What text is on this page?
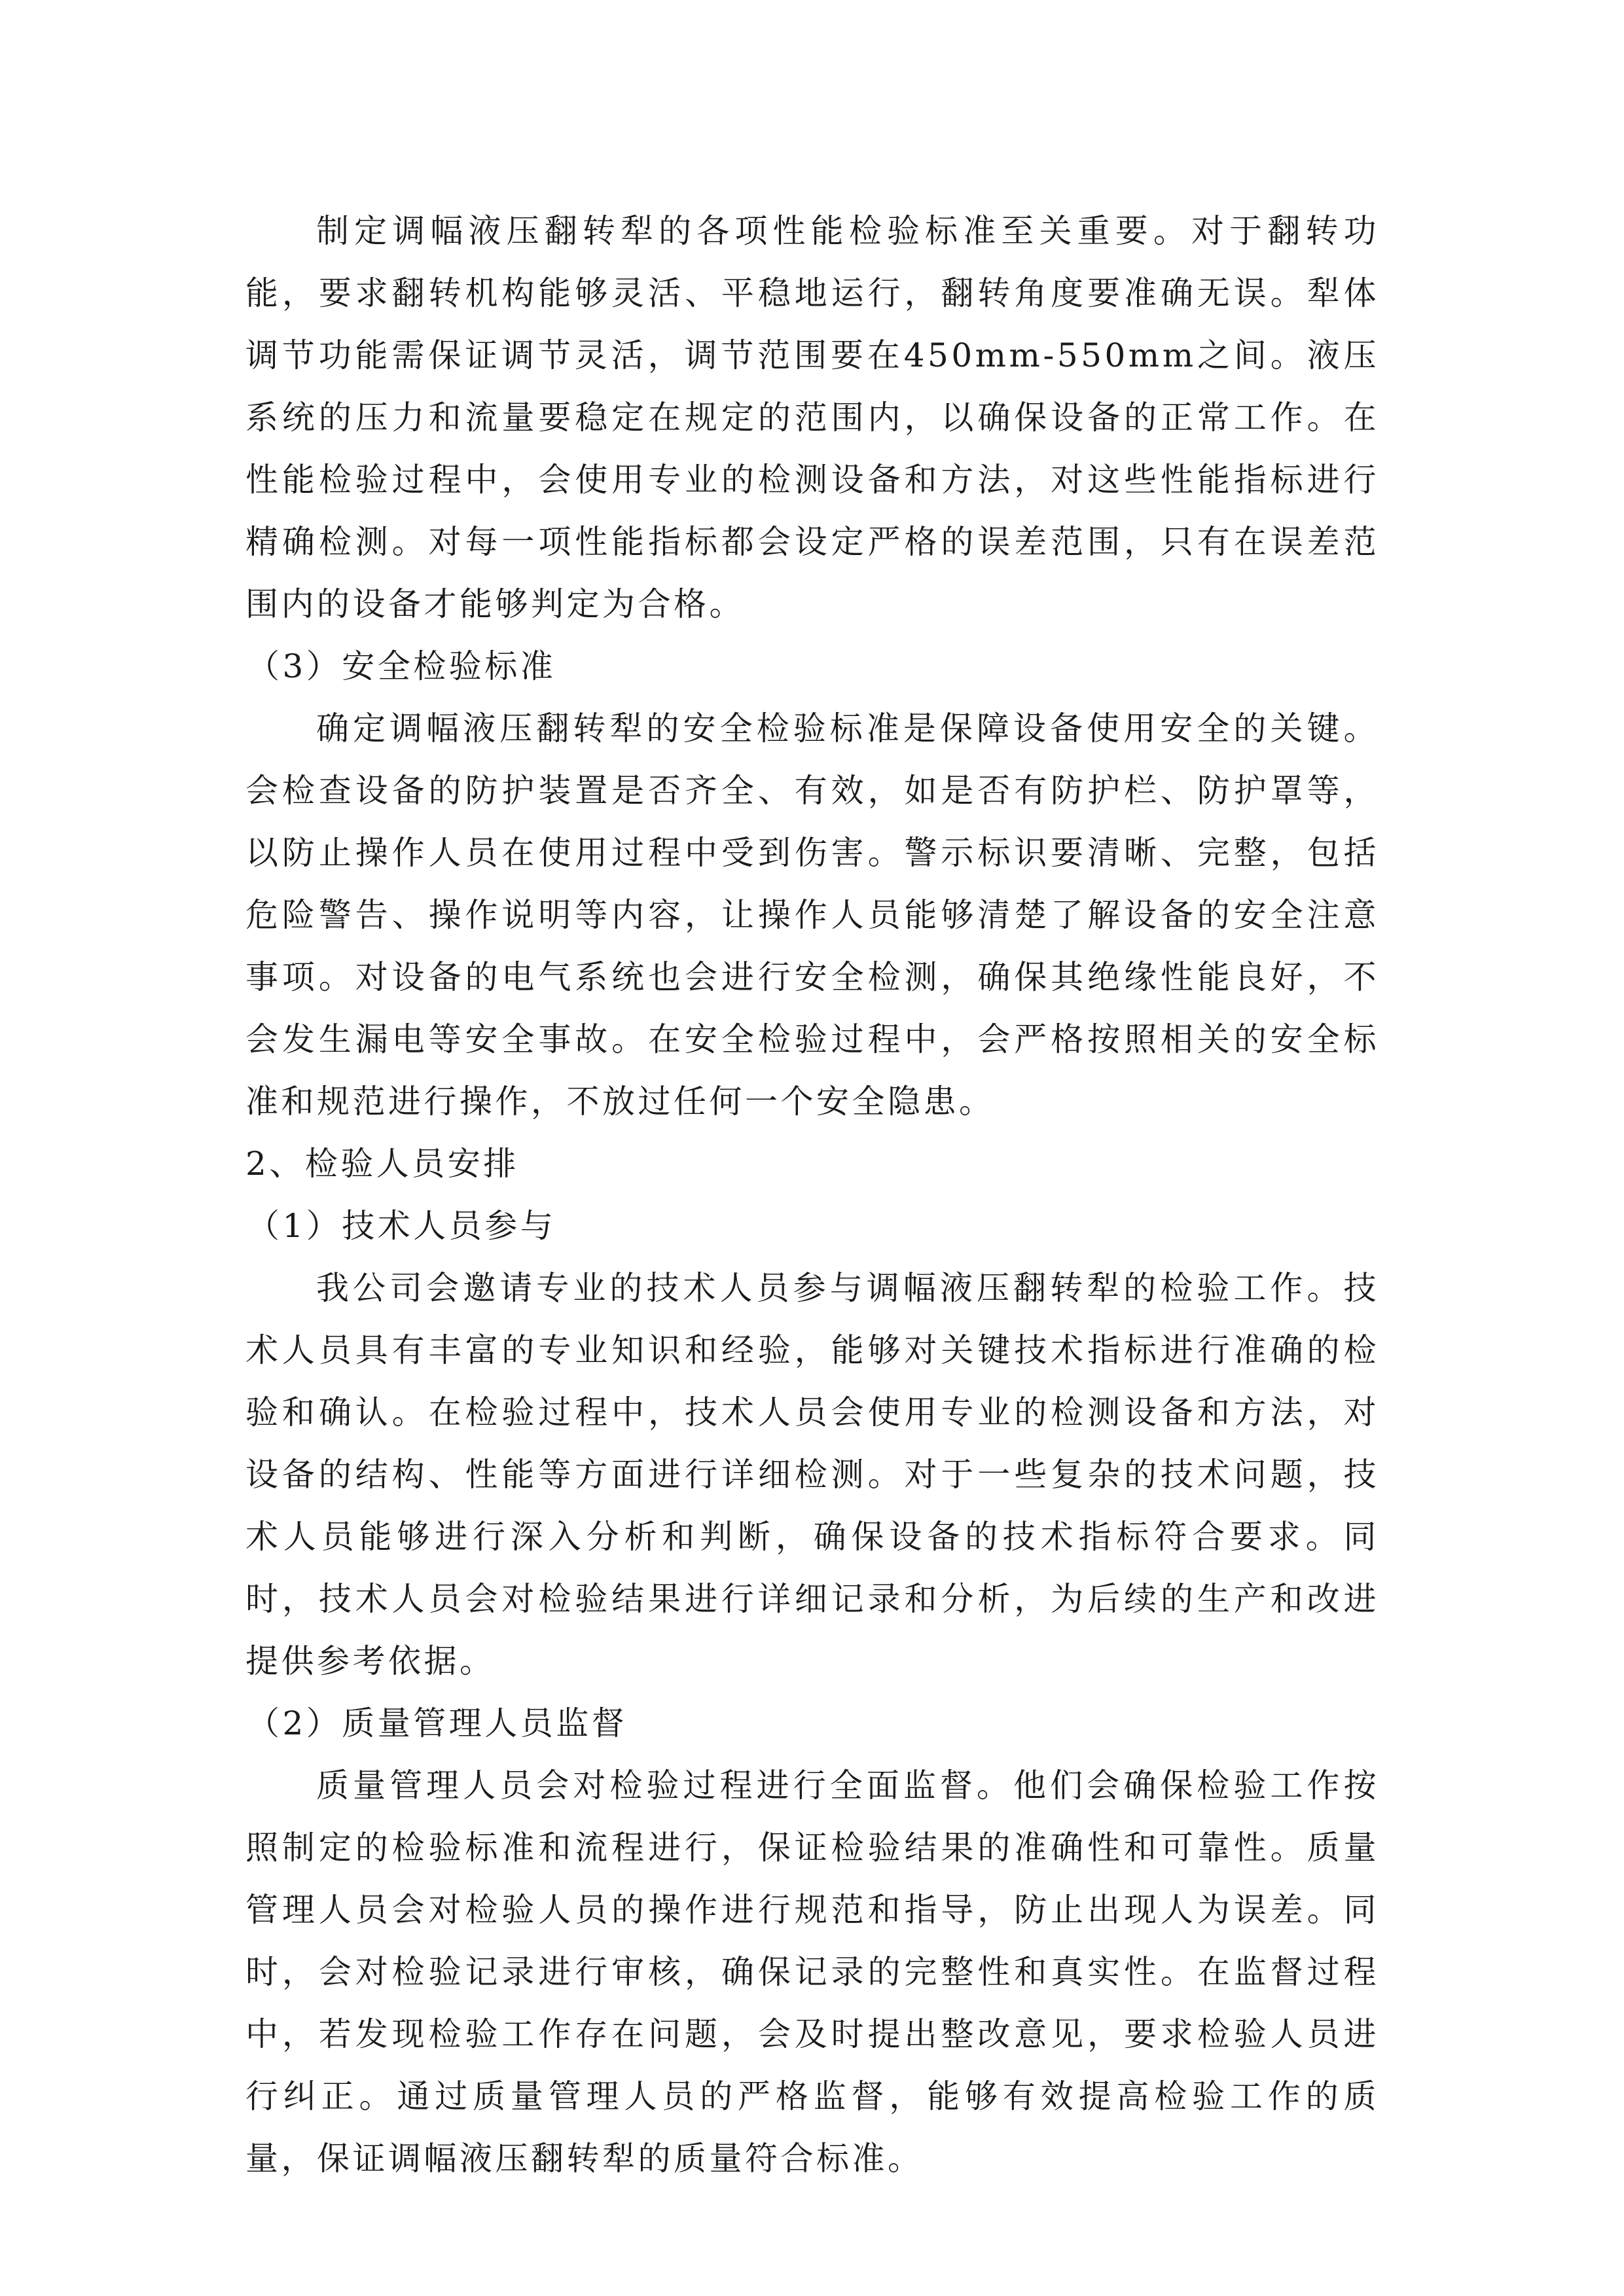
制定调幅液压翻转犁的各项性能检验标准至关重要。对于翻转功能，要求翻转机构能够灵活、平稳地运行，翻转角度要准确无误。犁体调节功能需保证调节灵活，调节范围要在450mm-550mm之间。液压系统的压力和流量要稳定在规定的范围内，以确保设备的正常工作。在性能检验过程中，会使用专业的检测设备和方法，对这些性能指标进行精确检测。对每一项性能指标都会设定严格的误差范围，只有在误差范围内的设备才能够判定为合格。

（3）安全检验标准

确定调幅液压翻转犁的安全检验标准是保障设备使用安全的关键。会检查设备的防护装置是否齐全、有效，如是否有防护栏、防护罩等，以防止操作人员在使用过程中受到伤害。警示标识要清晰、完整，包括危险警告、操作说明等内容，让操作人员能够清楚了解设备的安全注意事项。对设备的电气系统也会进行安全检测，确保其绝缘性能良好，不会发生漏电等安全事故。在安全检验过程中，会严格按照相关的安全标准和规范进行操作，不放过任何一个安全隐患。

2、检验人员安排

（1）技术人员参与

我公司会邀请专业的技术人员参与调幅液压翻转犁的检验工作。技术人员具有丰富的专业知识和经验，能够对关键技术指标进行准确的检验和确认。在检验过程中，技术人员会使用专业的检测设备和方法，对设备的结构、性能等方面进行详细检测。对于一些复杂的技术问题，技术人员能够进行深入分析和判断，确保设备的技术指标符合要求。同时，技术人员会对检验结果进行详细记录和分析，为后续的生产和改进提供参考依据。

（2）质量管理人员监督

质量管理人员会对检验过程进行全面监督。他们会确保检验工作按照制定的检验标准和流程进行，保证检验结果的准确性和可靠性。质量管理人员会对检验人员的操作进行规范和指导，防止出现人为误差。同时，会对检验记录进行审核，确保记录的完整性和真实性。在监督过程中，若发现检验工作存在问题，会及时提出整改意见，要求检验人员进行纠正。通过质量管理人员的严格监督，能够有效提高检验工作的质量，保证调幅液压翻转犁的质量符合标准。
